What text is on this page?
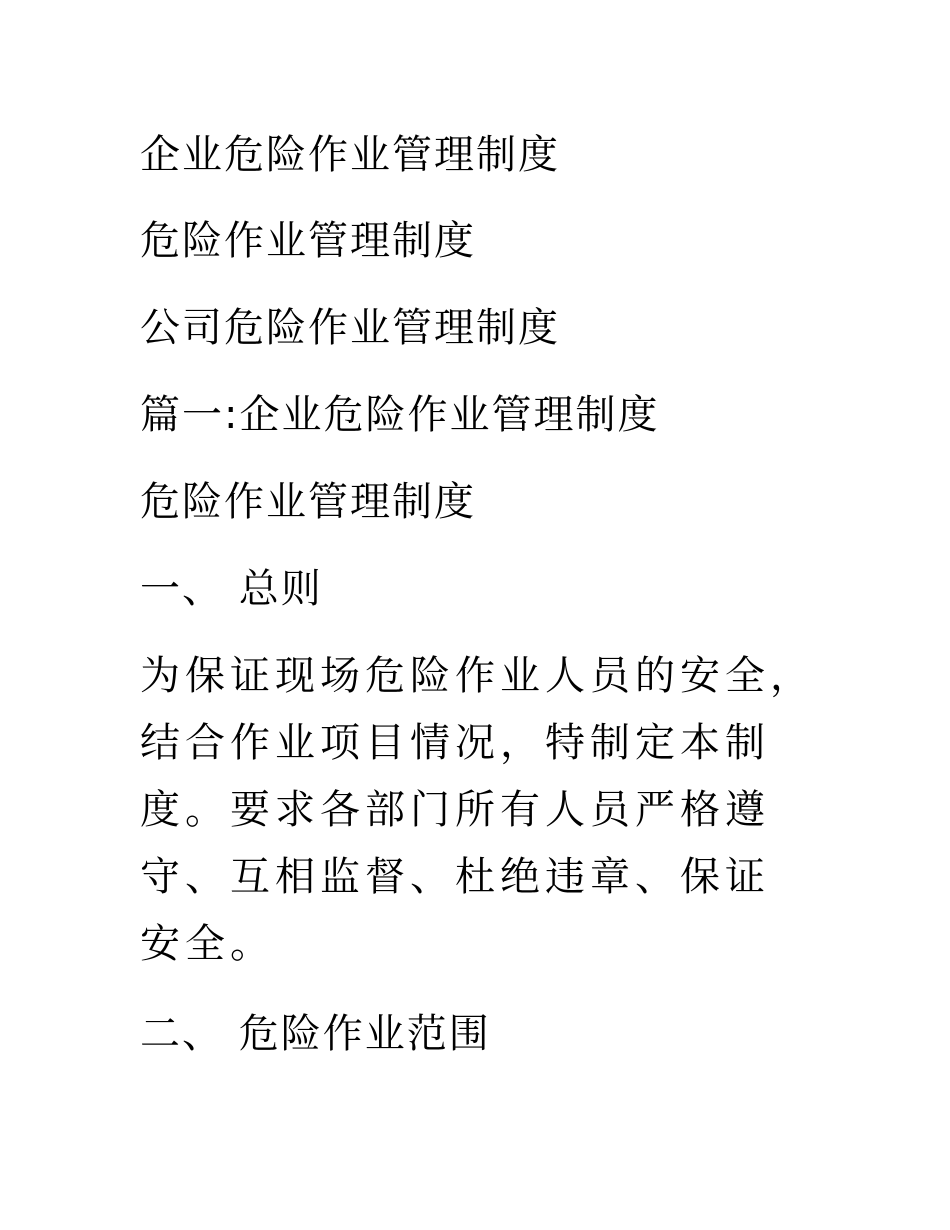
企业危险作业管理制度
危险作业管理制度
公司危险作业管理制度
篇一:企业危险作业管理制度
危险作业管理制度
一、 总则
为保证现场危险作业人员的安全，
结合作业项目情况，特制定本制
度。要求各部门所有人员严格遵
守、互相监督、杜绝违章、保证
安全。
二、 危险作业范围
